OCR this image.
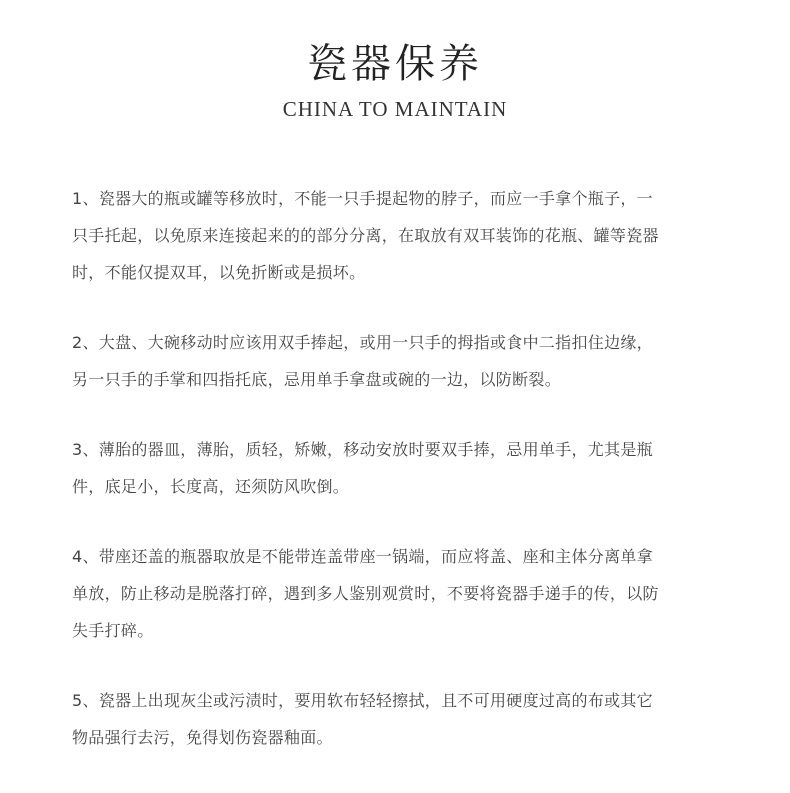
瓷器保养
CHINA TO MAINTAIN

1、瓷器大的瓶或罐等移放时，不能一只手提起物的脖子，而应一手拿个瓶子，一
只手托起，以免原来连接起来的的部分分离，在取放有双耳装饰的花瓶、罐等瓷器
时，不能仅提双耳，以免折断或是损坏。

2、大盘、大碗移动时应该用双手捧起，或用一只手的拇指或食中二指扣住边缘，
另一只手的手掌和四指托底，忌用单手拿盘或碗的一边，以防断裂。

3、薄胎的器皿，薄胎，质轻，矫嫩，移动安放时要双手捧，忌用单手，尤其是瓶
件，底足小，长度高，还须防风吹倒。

4、带座还盖的瓶器取放是不能带连盖带座一锅端，而应将盖、座和主体分离单拿
单放，防止移动是脱落打碎，遇到多人鉴别观赏时，不要将瓷器手递手的传，以防
失手打碎。

5、瓷器上出现灰尘或污渍时，要用软布轻轻擦拭，且不可用硬度过高的布或其它
物品强行去污，免得划伤瓷器釉面。
